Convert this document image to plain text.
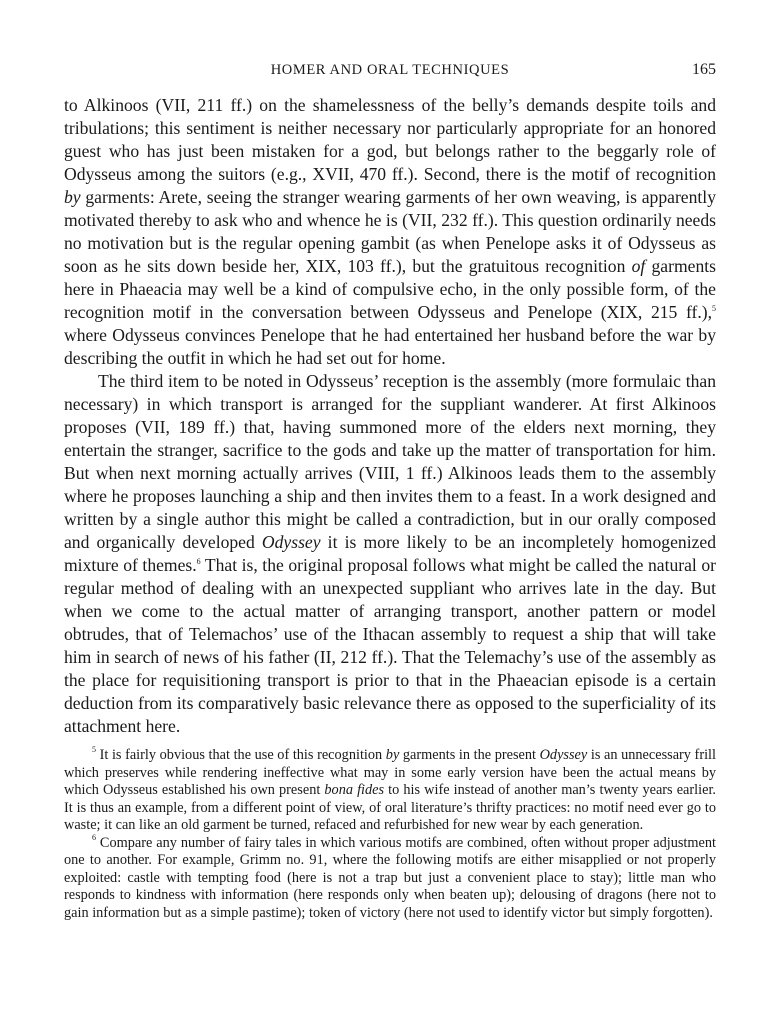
HOMER AND ORAL TECHNIQUES	165

to Alkinoos (VII, 211 ff.) on the shamelessness of the belly’s demands despite toils and tribulations; this sentiment is neither necessary nor particularly appropriate for an honored guest who has just been mistaken for a god, but belongs rather to the beggarly role of Odysseus among the suitors (e.g., XVII, 470 ff.). Second, there is the motif of recognition by garments: Arete, seeing the stranger wearing garments of her own weaving, is apparently motivated thereby to ask who and whence he is (VII, 232 ff.). This question ordinarily needs no motivation but is the regular opening gambit (as when Penelope asks it of Odysseus as soon as he sits down beside her, XIX, 103 ff.), but the gratuitous recognition of garments here in Phaeacia may well be a kind of compulsive echo, in the only possible form, of the recognition motif in the conversation between Odysseus and Penelope (XIX, 215 ff.),$^5$ where Odysseus convinces Penelope that he had entertained her husband before the war by describing the outfit in which he had set out for home.

The third item to be noted in Odysseus’ reception is the assembly (more formulaic than necessary) in which transport is arranged for the suppliant wanderer. At first Alkinoos proposes (VII, 189 ff.) that, having summoned more of the elders next morning, they entertain the stranger, sacrifice to the gods and take up the matter of transportation for him. But when next morning actually arrives (VIII, 1 ff.) Alkinoos leads them to the assembly where he proposes launching a ship and then invites them to a feast. In a work designed and written by a single author this might be called a contradiction, but in our orally composed and organically developed Odyssey it is more likely to be an incompletely homogenized mixture of themes.$^6$ That is, the original proposal follows what might be called the natural or regular method of dealing with an unexpected suppliant who arrives late in the day. But when we come to the actual matter of arranging transport, another pattern or model obtrudes, that of Telemachos’ use of the Ithacan assembly to request a ship that will take him in search of news of his father (II, 212 ff.). That the Telemachy’s use of the assembly as the place for requisitioning transport is prior to that in the Phaeacian episode is a certain deduction from its comparatively basic relevance there as opposed to the superficiality of its attachment here.

$^5$ It is fairly obvious that the use of this recognition by garments in the present Odyssey is an unnecessary frill which preserves while rendering ineffective what may in some early version have been the actual means by which Odysseus established his own present bona fides to his wife instead of another man’s twenty years earlier. It is thus an example, from a different point of view, of oral literature’s thrifty practices: no motif need ever go to waste; it can like an old garment be turned, refaced and refurbished for new wear by each generation.

$^6$ Compare any number of fairy tales in which various motifs are combined, often without proper adjustment one to another. For example, Grimm no. 91, where the following motifs are either misapplied or not properly exploited: castle with tempting food (here is not a trap but just a convenient place to stay); little man who responds to kindness with information (here responds only when beaten up); delousing of dragons (here not to gain information but as a simple pastime); token of victory (here not used to identify victor but simply forgotten).
